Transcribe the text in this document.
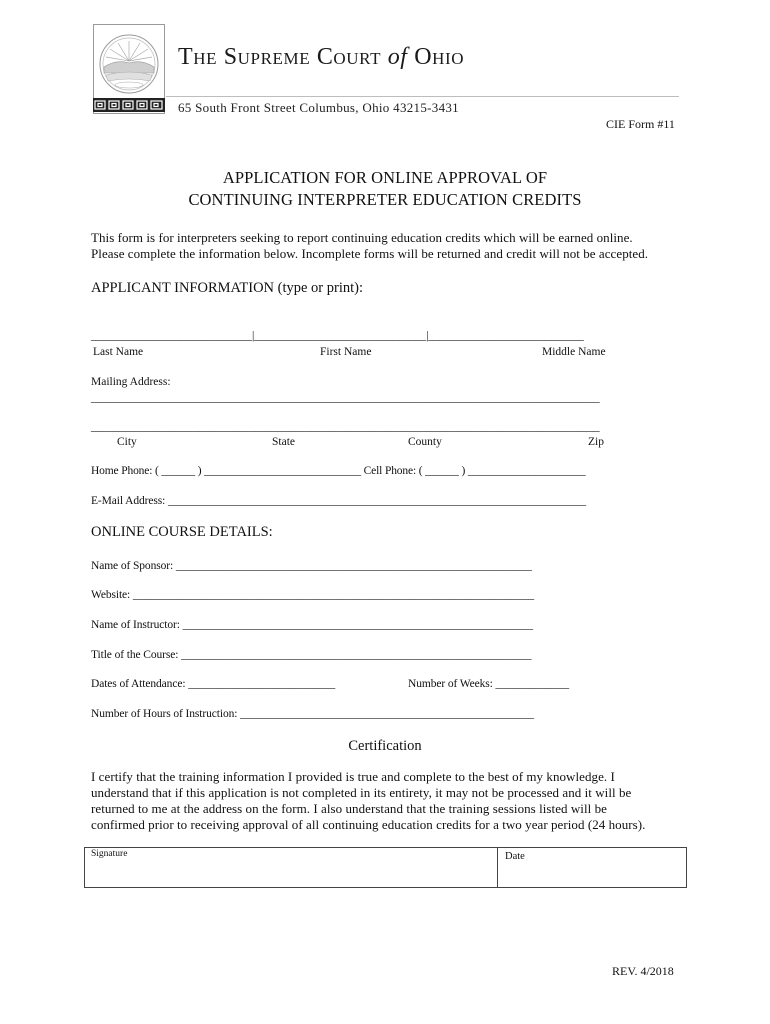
The Supreme Court of Ohio
65 South Front Street Columbus, Ohio 43215-3431
CIE Form #11
APPLICATION FOR ONLINE APPROVAL OF
CONTINUING INTERPRETER EDUCATION CREDITS
This form is for interpreters seeking to report continuing education credits which will be earned online.
Please complete the information below. Incomplete forms will be returned and credit will not be accepted.
APPLICANT INFORMATION (type or print):
_____________________________|_______________________________|____________________________
Last Name	First Name	Middle Name
Mailing Address:
__________________________________________________________________________________________
__________________________________________________________________________________________
City	State	County	Zip
Home Phone: ( ______ ) ____________________________ Cell Phone: ( ______ ) _____________________
E-Mail Address: __________________________________________________________________________
ONLINE COURSE DETAILS:
Name of Sponsor: _______________________________________________________________
Website: _______________________________________________________________________
Name of Instructor: ______________________________________________________________
Title of the Course: ______________________________________________________________
Dates of Attendance: __________________________	Number of Weeks: _____________
Number of Hours of Instruction: ____________________________________________________
Certification
I certify that the training information I provided is true and complete to the best of my knowledge. I
understand that if this application is not completed in its entirety, it may not be processed and it will be
returned to me at the address on the form. I also understand that the training sessions listed will be
confirmed prior to receiving approval of all continuing education credits for a two year period (24 hours).
Signature	Date
REV. 4/2018
